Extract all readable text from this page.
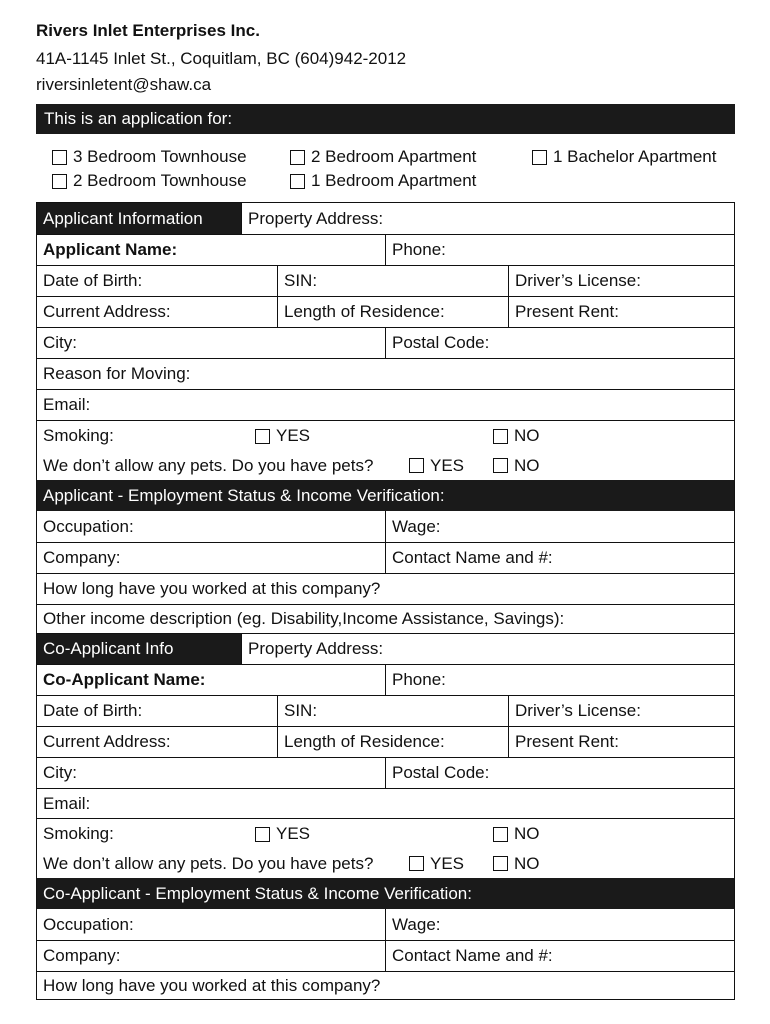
Rivers Inlet Enterprises Inc.
41A-1145 Inlet St., Coquitlam, BC (604)942-2012
riversinletent@shaw.ca
This is an application for:
3 Bedroom Townhouse	2 Bedroom Apartment	1 Bachelor Apartment
2 Bedroom Townhouse	1 Bedroom Apartment
Applicant Information	Property Address:
Applicant Name:	Phone:
Date of Birth:	SIN:	Driver’s License:
Current Address:	Length of Residence:	Present Rent:
City:	Postal Code:
Reason for Moving:
Email:
Smoking:	YES	NO
We don’t allow any pets. Do you have pets?	YES	NO
Applicant - Employment Status & Income Verification:
Occupation:	Wage:
Company:	Contact Name and #:
How long have you worked at this company?
Other income description (eg. Disability,Income Assistance, Savings):
Co-Applicant Info	Property Address:
Co-Applicant Name:	Phone:
Date of Birth:	SIN:	Driver’s License:
Current Address:	Length of Residence:	Present Rent:
City:	Postal Code:
Email:
Smoking:	YES	NO
We don’t allow any pets. Do you have pets?	YES	NO
Co-Applicant - Employment Status & Income Verification:
Occupation:	Wage:
Company:	Contact Name and #:
How long have you worked at this company?
